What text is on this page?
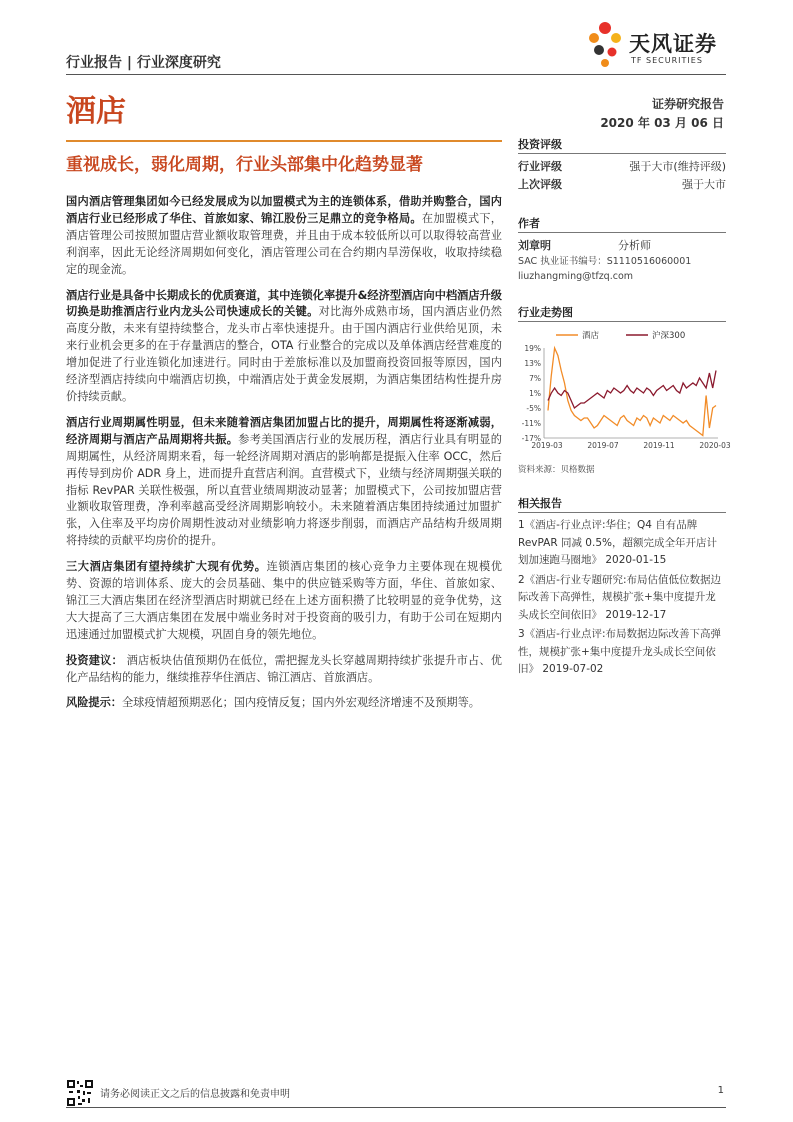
行业报告 | 行业深度研究
天风证券
TF SECURITIES
酒店	证券研究报告
2020 年 03 月 06 日
重视成长，弱化周期，行业头部集中化趋势显著

国内酒店管理集团如今已经发展成为以加盟模式为主的连锁体系，借助并购整合，国内酒店行业已经形成了华住、首旅如家、锦江股份三足鼎立的竞争格局。在加盟模式下，酒店管理公司按照加盟店营业额收取管理费，并且由于成本较低所以可以取得较高营业利润率，因此无论经济周期如何变化，酒店管理公司在合约期内旱涝保收，收取持续稳定的现金流。

酒店行业是具备中长期成长的优质赛道，其中连锁化率提升&经济型酒店向中档酒店升级切换是助推酒店行业内龙头公司快速成长的关键。对比海外成熟市场，国内酒店业仍然高度分散，未来有望持续整合，龙头市占率快速提升。由于国内酒店行业供给见顶，未来行业机会更多的在于存量酒店的整合，OTA 行业整合的完成以及单体酒店经营难度的增加促进了行业连锁化加速进行。同时由于差旅标准以及加盟商投资回报等原因，国内经济型酒店持续向中端酒店切换，中端酒店处于黄金发展期，为酒店集团结构性提升房价持续贡献。

酒店行业周期属性明显，但未来随着酒店集团加盟占比的提升，周期属性将逐渐减弱，经济周期与酒店产品周期将共振。参考美国酒店行业的发展历程，酒店行业具有明显的周期属性，从经济周期来看，每一轮经济周期对酒店的影响都是提振入住率 OCC，然后再传导到房价 ADR 身上，进而提升直营店利润。直营模式下，业绩与经济周期强关联的指标 RevPAR 关联性极强，所以直营业绩周期波动显著；加盟模式下，公司按加盟店营业额收取管理费，净利率越高受经济周期影响较小。未来随着酒店集团持续通过加盟扩张，入住率及平均房价周期性波动对业绩影响力将逐步削弱，而酒店产品结构升级周期将持续的贡献平均房价的提升。

三大酒店集团有望持续扩大现有优势。连锁酒店集团的核心竞争力主要体现在规模优势、资源的培训体系、庞大的会员基础、集中的供应链采购等方面，华住、首旅如家、锦江三大酒店集团在经济型酒店时期就已经在上述方面积攒了比较明显的竞争优势，这大大提高了三大酒店集团在发展中端业务时对于投资商的吸引力，有助于公司在短期内迅速通过加盟模式扩大规模，巩固自身的领先地位。

投资建议： 酒店板块估值预期仍在低位，需把握龙头长穿越周期持续扩张提升市占、优化产品结构的能力，继续推荐华住酒店、锦江酒店、首旅酒店。

风险提示：全球疫情超预期恶化；国内疫情反复；国内外宏观经济增速不及预期等。

投资评级
行业评级	强于大市(维持评级)
上次评级	强于大市
作者
刘章明	分析师
SAC 执业证书编号：S1110516060001
liuzhangming@tfzq.com
行业走势图
19%
13%
7%
1%
-5%
-11%
-17%
2019-03	2019-07	2019-11	2020-03
酒店	沪深300
资料来源：贝格数据
相关报告
1《酒店-行业点评:华住；Q4 自有品牌 RevPAR 同减 0.5%，超额完成全年开店计划加速跑马圈地》 2020-01-15
2《酒店-行业专题研究:布局估值低位数据边际改善下高弹性，规模扩张+集中度提升龙头成长空间依旧》 2019-12-17
3《酒店-行业点评:布局数据边际改善下高弹性，规模扩张+集中度提升龙头成长空间依旧》 2019-07-02
请务必阅读正文之后的信息披露和免责申明	1
